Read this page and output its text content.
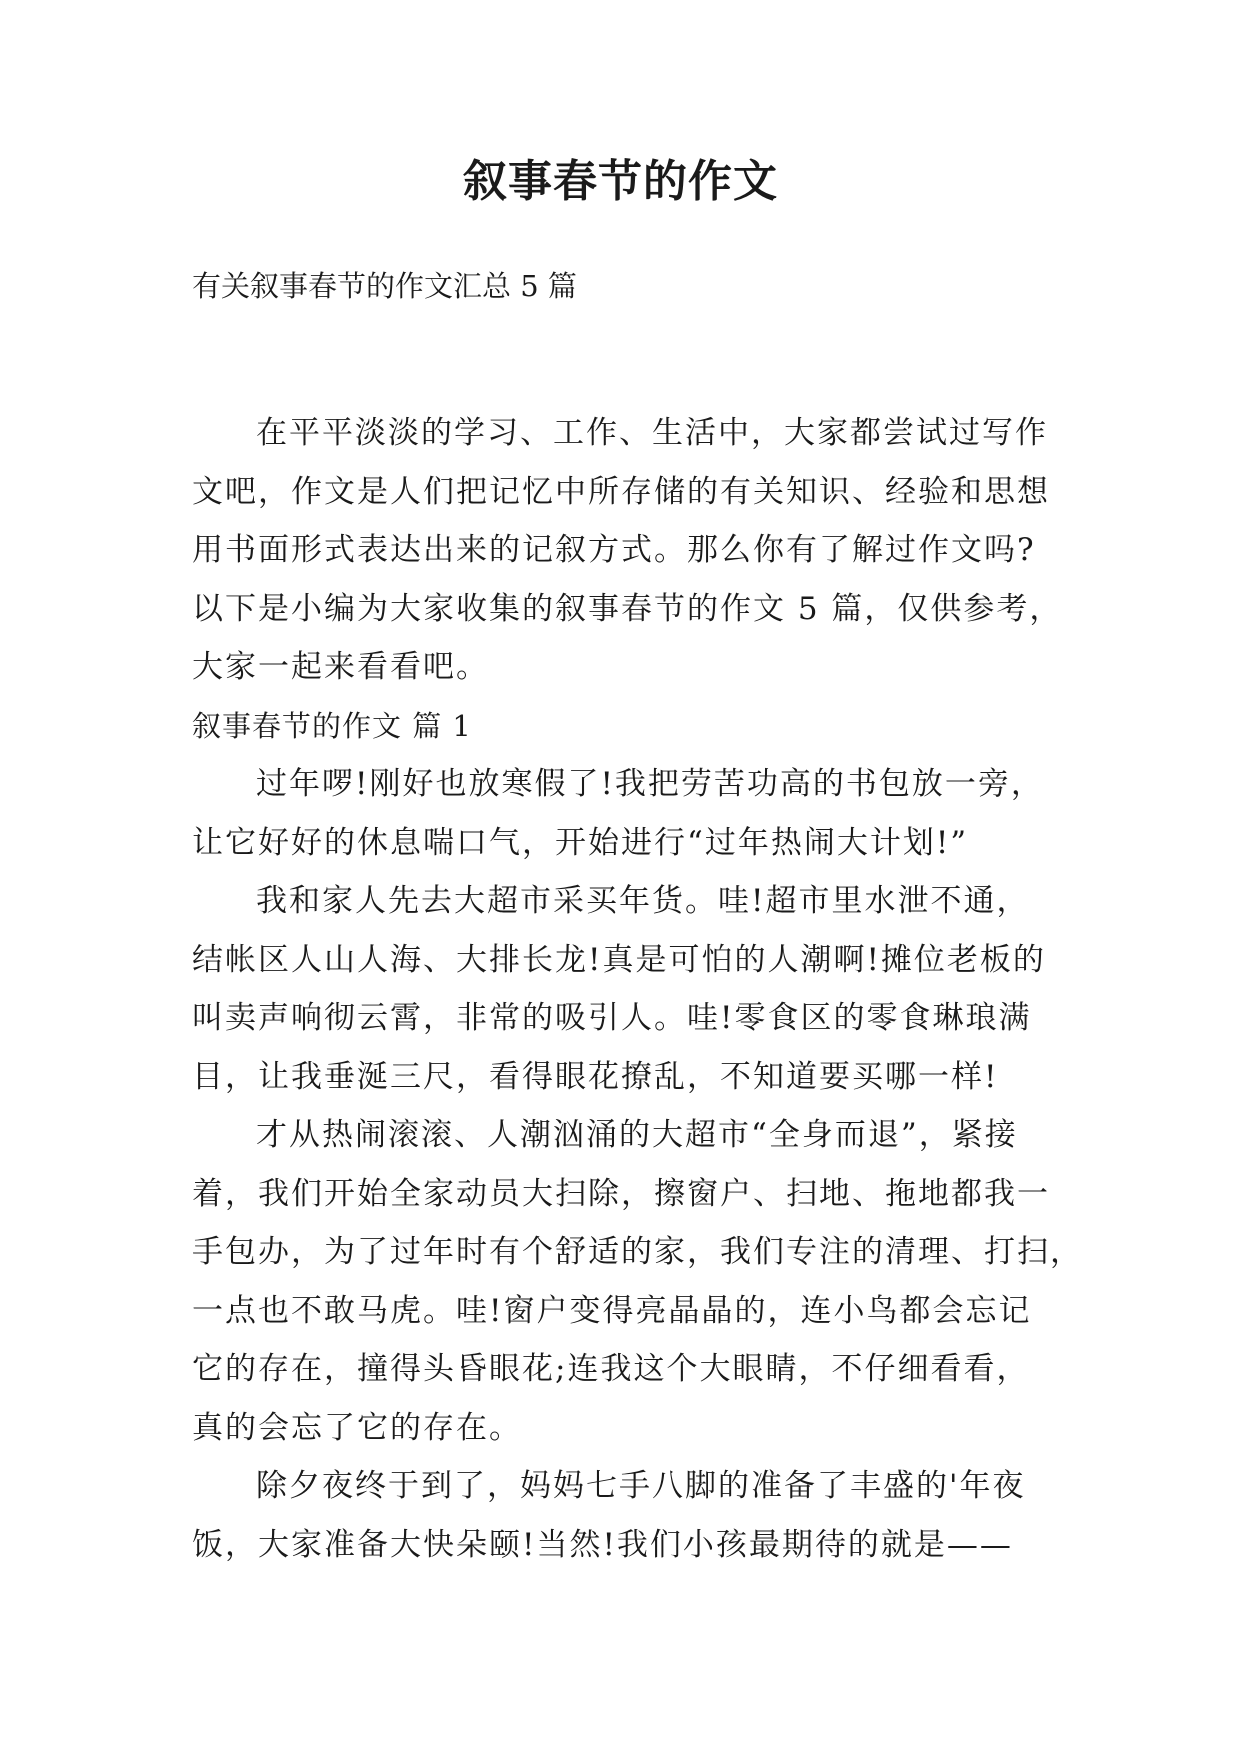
叙事春节的作文
有关叙事春节的作文汇总 5 篇
在平平淡淡的学习、工作、生活中，大家都尝试过写作
文吧，作文是人们把记忆中所存储的有关知识、经验和思想
用书面形式表达出来的记叙方式。那么你有了解过作文吗?
以下是小编为大家收集的叙事春节的作文 5 篇，仅供参考，
大家一起来看看吧。
叙事春节的作文 篇 1
过年啰!刚好也放寒假了!我把劳苦功高的书包放一旁，
让它好好的休息喘口气，开始进行“过年热闹大计划!”
我和家人先去大超市采买年货。哇!超市里水泄不通，
结帐区人山人海、大排长龙!真是可怕的人潮啊!摊位老板的
叫卖声响彻云霄，非常的吸引人。哇!零食区的零食琳琅满
目，让我垂涎三尺，看得眼花撩乱，不知道要买哪一样!
才从热闹滚滚、人潮汹涌的大超市“全身而退”，紧接
着，我们开始全家动员大扫除，擦窗户、扫地、拖地都我一
手包办，为了过年时有个舒适的家，我们专注的清理、打扫，
一点也不敢马虎。哇!窗户变得亮晶晶的，连小鸟都会忘记
它的存在，撞得头昏眼花;连我这个大眼睛，不仔细看看，
真的会忘了它的存在。
除夕夜终于到了，妈妈七手八脚的准备了丰盛的'年夜
饭，大家准备大快朵颐!当然!我们小孩最期待的就是——
